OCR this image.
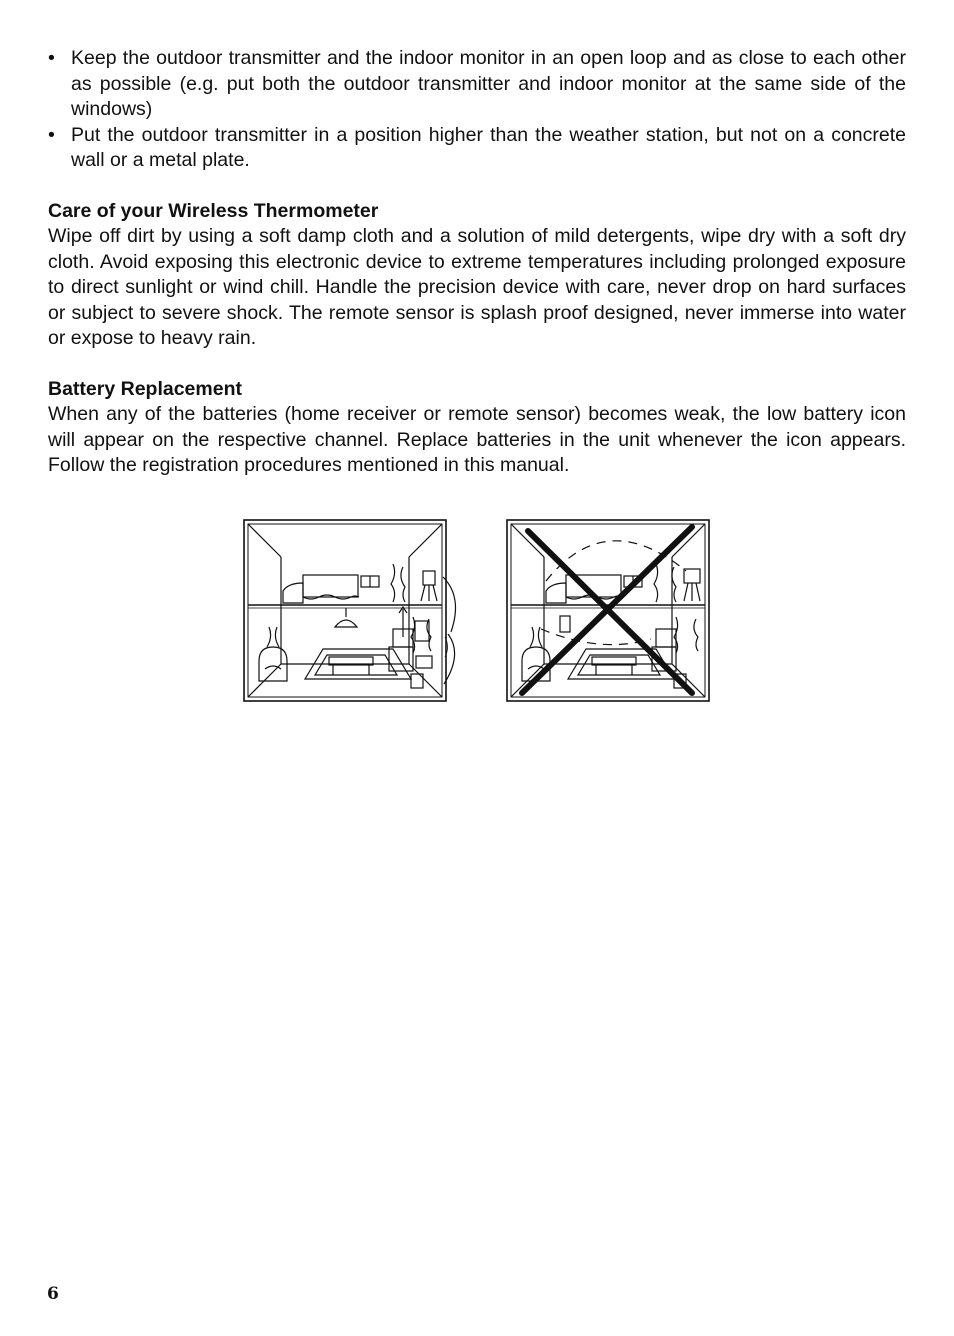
• Keep the outdoor transmitter and the indoor monitor in an open loop and as close to each other as possible (e.g. put both the outdoor transmitter and indoor monitor at the same side of the windows)
• Put the outdoor transmitter in a position higher than the weather station, but not on a concrete wall or a metal plate.
Care of your Wireless Thermometer
Wipe off dirt by using a soft damp cloth and a solution of mild detergents, wipe dry with a soft dry cloth. Avoid exposing this electronic device to extreme temperatures including prolonged exposure to direct sunlight or wind chill. Handle the precision device with care, never drop on hard surfaces or subject to severe shock. The remote sensor is splash proof designed, never immerse into water or expose to heavy rain.
Battery Replacement
When any of the batteries (home receiver or remote sensor) becomes weak, the low battery icon will appear on the respective channel. Replace batteries in the unit whenever the icon appears. Follow the registration procedures mentioned in this manual.
6
